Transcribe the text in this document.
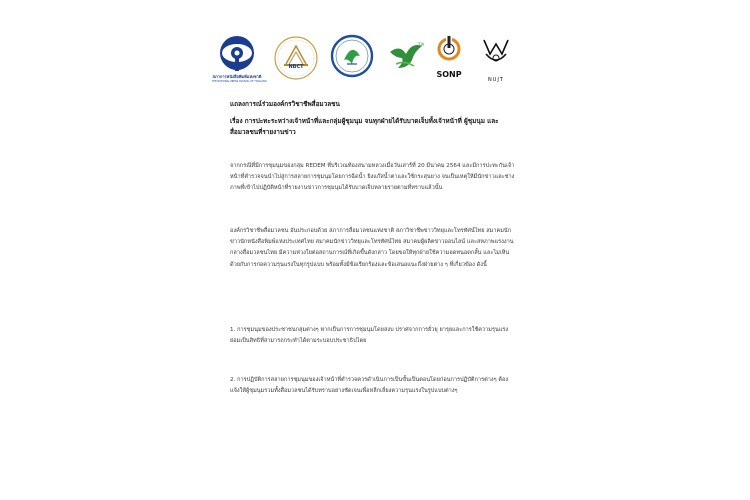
สภาการหนังสือพิมพ์แห่งชาติ
THE NATIONAL PRESS COUNCIL OF THAILAND
NBCT
TJA
SONP
NUJT
แถลงการณ์ร่วมองค์กรวิชาชีพสื่อมวลชน
เรื่อง การปะทะระหว่างเจ้าหน้าที่และกลุ่มผู้ชุมนุม จนทุกฝ่ายได้รับบาดเจ็บทั้งเจ้าหน้าที่ ผู้ชุมนุม และสื่อมวลชนที่รายงานข่าว
จากกรณีที่มีการชุมนุมของกลุ่ม REDEM ที่บริเวณท้องสนามหลวงเมื่อวันเสาร์ที่ 20 มีนาคม 2564 และมีการปะทะกันเจ้าหน้าที่ตำรวจจนนำไปสู่การสลายการชุมนุมโดยการฉีดน้ำ ยิงแก๊สน้ำตาและใช้กระสุนยาง จนเป็นเหตุให้มีนักข่าวและช่างภาพที่เข้าไปปฏิบัติหน้าที่รายงานข่าวการชุมนุมได้รับบาดเจ็บหลายรายตามที่ทราบแล้วนั้น
องค์กรวิชาชีพสื่อมวลชน อันประกอบด้วย สภาการสื่อมวลชนแห่งชาติ สภาวิชาชีพข่าววิทยุและโทรทัศน์ไทย สมาคมนักข่าวนักหนังสือพิมพ์แห่งประเทศไทย สมาคมนักข่าววิทยุและโทรทัศน์ไทย สมาคมผู้ผลิตข่าวออนไลน์ และสหภาพแรงงานกลางสื่อมวลชนไทย มีความห่วงใยต่อสถานการณ์ที่เกิดขึ้นดังกล่าว โดยขอให้ทุกฝ่ายใช้ความอดทนอดกลั้น และไม่เห็นด้วยกับการก่อความรุนแรงในทุกรูปแบบ พร้อมทั้งมีข้อเรียกร้องและข้อเสนอแนะถึงฝ่ายต่าง ๆ ที่เกี่ยวข้อง ดังนี้
1. การชุมนุมของประชาชนกลุ่มต่างๆ หากเป็นการการชุมนุมโดยสงบ ปราศจากการยั่วยุ ยารุยและการใช้ความรุนแรง ย่อมเป็นสิทธิที่สามารถกระทำได้ตามระบอบประชาธิปไตย
2. การปฏิบัติการสลายการชุมนุมของเจ้าหน้าที่ตำรวจควรดำเนินการเป็นขั้นเป็นตอนโดยก่อนการปฏิบัติการต่างๆ ต้องแจ้งให้ผู้ชุมนุมรวมทั้งสื่อมวลชนได้รับทราบอย่างชัดเจนเพื่อหลีกเลี่ยงความรุนแรงในรูปแบบต่างๆ
